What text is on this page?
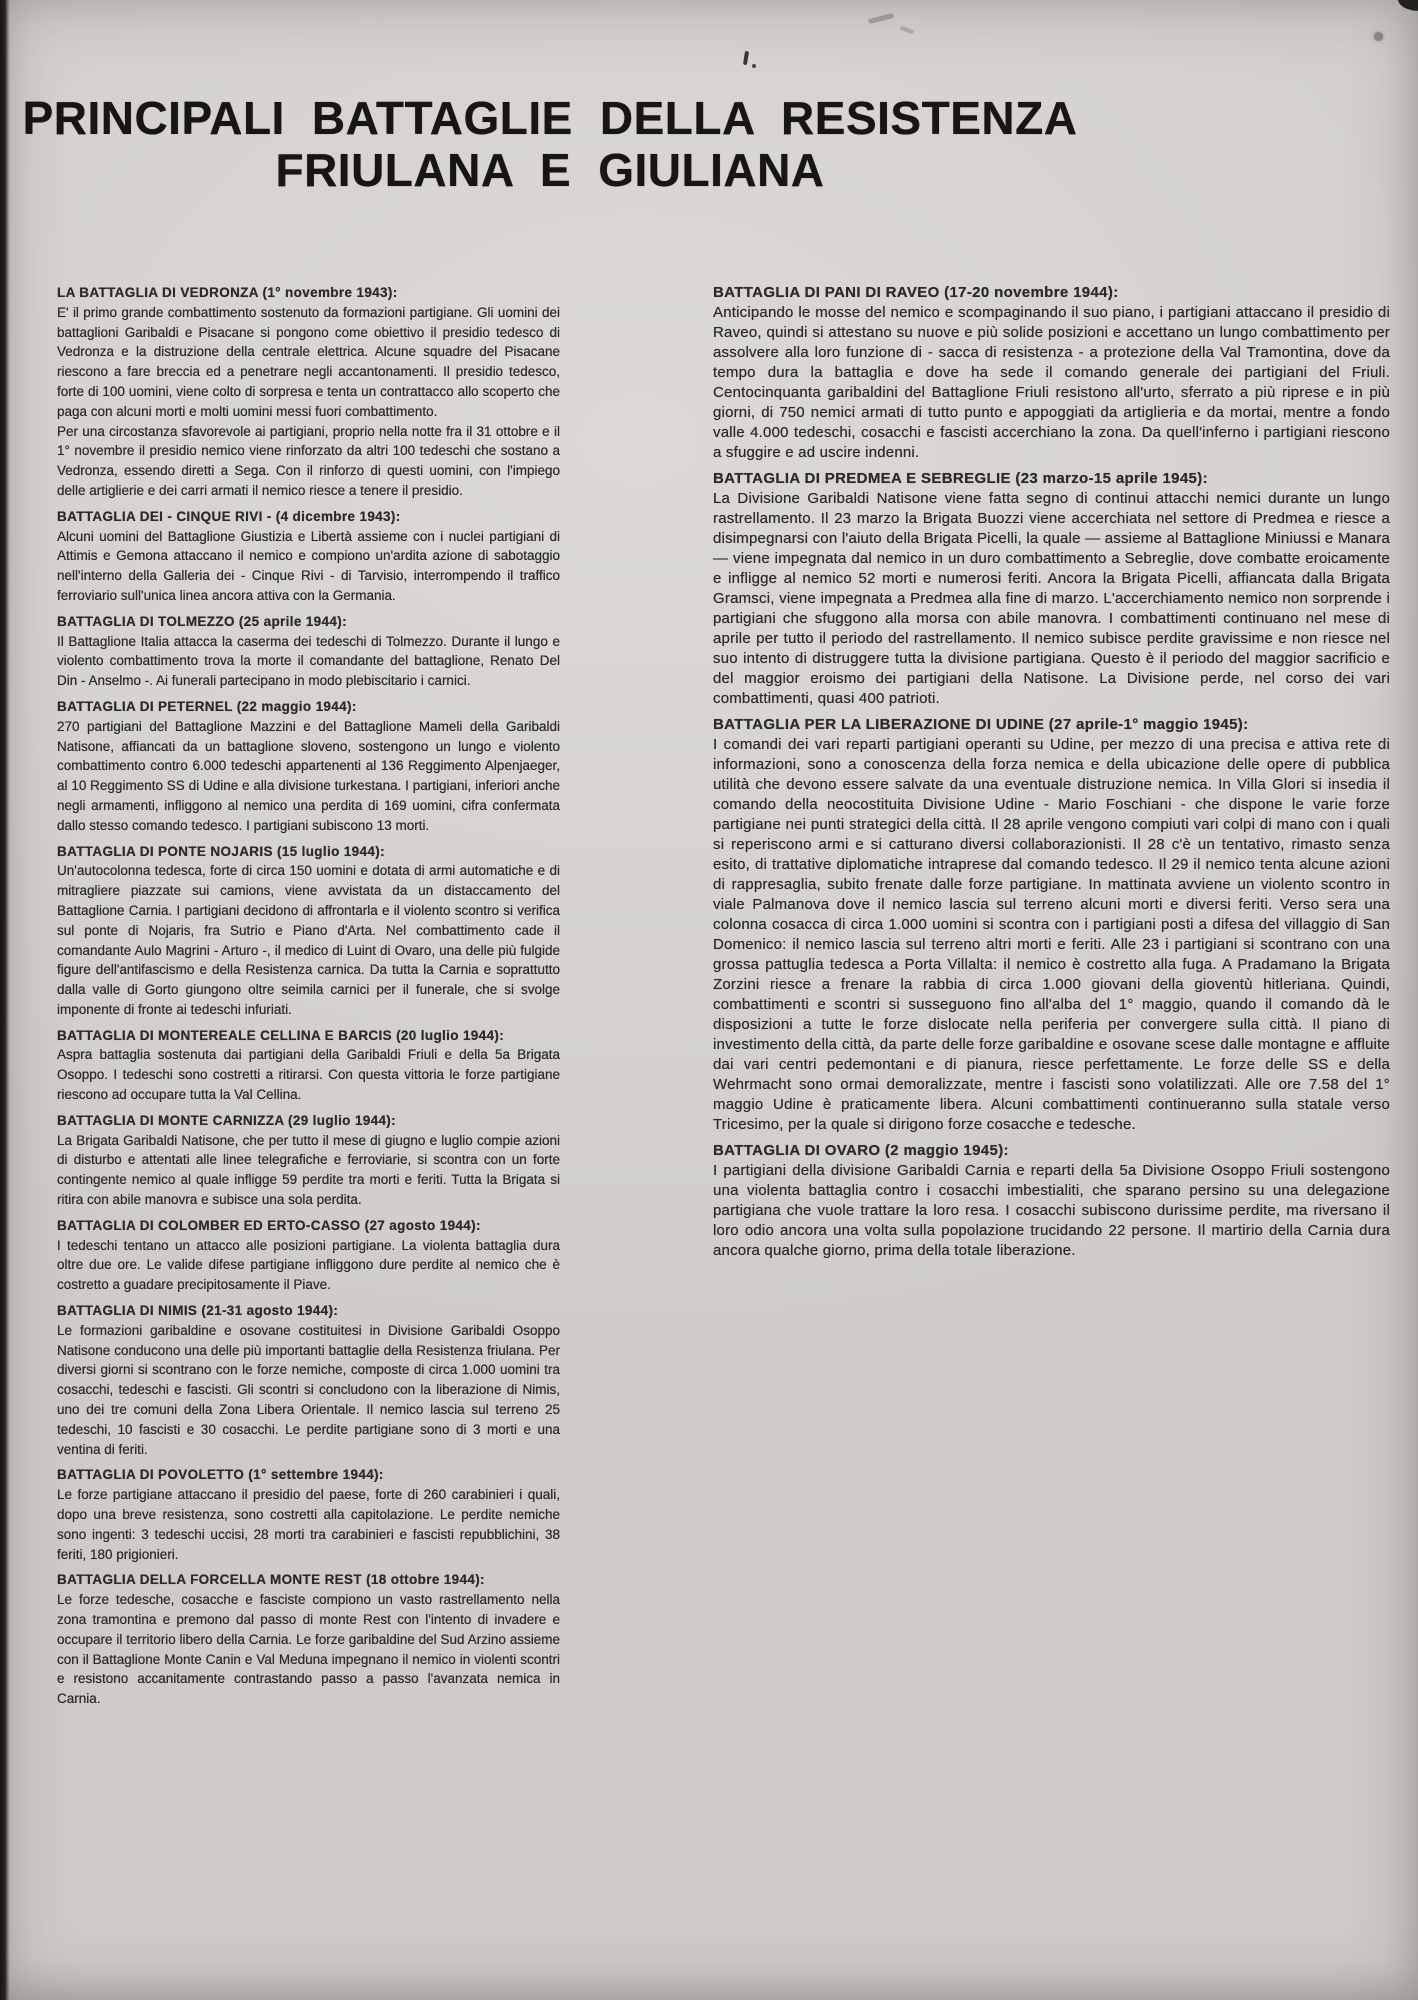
PRINCIPALI BATTAGLIE DELLA RESISTENZA
FRIULANA E GIULIANA
LA BATTAGLIA DI VEDRONZA (1° novembre 1943):

E' il primo grande combattimento sostenuto da formazioni partigiane. Gli uomini dei battaglioni Garibaldi e Pisacane si pongono come obiettivo il presidio tedesco di Vedronza e la distruzione della centrale elettrica. Alcune squadre del Pisacane riescono a fare breccia ed a penetrare negli accantonamenti. Il presidio tedesco, forte di 100 uomini, viene colto di sorpresa e tenta un contrattacco allo scoperto che paga con alcuni morti e molti uomini messi fuori combattimento.

Per una circostanza sfavorevole ai partigiani, proprio nella notte fra il 31 ottobre e il 1° novembre il presidio nemico viene rinforzato da altri 100 tedeschi che sostano a Vedronza, essendo diretti a Sega. Con il rinforzo di questi uomini, con l'impiego delle artiglierie e dei carri armati il nemico riesce a tenere il presidio.

BATTAGLIA DEI - CINQUE RIVI - (4 dicembre 1943):

Alcuni uomini del Battaglione Giustizia e Libertà assieme con i nuclei partigiani di Attimis e Gemona attaccano il nemico e compiono un'ardita azione di sabotaggio nell'interno della Galleria dei - Cinque Rivi - di Tarvisio, interrompendo il traffico ferroviario sull'unica linea ancora attiva con la Germania.

BATTAGLIA DI TOLMEZZO (25 aprile 1944):

Il Battaglione Italia attacca la caserma dei tedeschi di Tolmezzo. Durante il lungo e violento combattimento trova la morte il comandante del battaglione, Renato Del Din - Anselmo -. Ai funerali partecipano in modo plebiscitario i carnici.

BATTAGLIA DI PETERNEL (22 maggio 1944):

270 partigiani del Battaglione Mazzini e del Battaglione Mameli della Garibaldi Natisone, affiancati da un battaglione sloveno, sostengono un lungo e violento combattimento contro 6.000 tedeschi appartenenti al 136 Reggimento Alpenjaeger, al 10 Reggimento SS di Udine e alla divisione turkestana. I partigiani, inferiori anche negli armamenti, infliggono al nemico una perdita di 169 uomini, cifra confermata dallo stesso comando tedesco. I partigiani subiscono 13 morti.

BATTAGLIA DI PONTE NOJARIS (15 luglio 1944):

Un'autocolonna tedesca, forte di circa 150 uomini e dotata di armi automatiche e di mitragliere piazzate sui camions, viene avvistata da un distaccamento del Battaglione Carnia. I partigiani decidono di affrontarla e il violento scontro si verifica sul ponte di Nojaris, fra Sutrio e Piano d'Arta. Nel combattimento cade il comandante Aulo Magrini - Arturo -, il medico di Luint di Ovaro, una delle più fulgide figure dell'antifascismo e della Resistenza carnica. Da tutta la Carnia e soprattutto dalla valle di Gorto giungono oltre seimila carnici per il funerale, che si svolge imponente di fronte ai tedeschi infuriati.

BATTAGLIA DI MONTEREALE CELLINA E BARCIS (20 luglio 1944):

Aspra battaglia sostenuta dai partigiani della Garibaldi Friuli e della 5a Brigata Osoppo. I tedeschi sono costretti a ritirarsi. Con questa vittoria le forze partigiane riescono ad occupare tutta la Val Cellina.

BATTAGLIA DI MONTE CARNIZZA (29 luglio 1944):

La Brigata Garibaldi Natisone, che per tutto il mese di giugno e luglio compie azioni di disturbo e attentati alle linee telegrafiche e ferroviarie, si scontra con un forte contingente nemico al quale infligge 59 perdite tra morti e feriti. Tutta la Brigata si ritira con abile manovra e subisce una sola perdita.

BATTAGLIA DI COLOMBER ED ERTO-CASSO (27 agosto 1944):

I tedeschi tentano un attacco alle posizioni partigiane. La violenta battaglia dura oltre due ore. Le valide difese partigiane infliggono dure perdite al nemico che è costretto a guadare precipitosamente il Piave.

BATTAGLIA DI NIMIS (21-31 agosto 1944):

Le formazioni garibaldine e osovane costituitesi in Divisione Garibaldi Osoppo Natisone conducono una delle più importanti battaglie della Resistenza friulana. Per diversi giorni si scontrano con le forze nemiche, composte di circa 1.000 uomini tra cosacchi, tedeschi e fascisti. Gli scontri si concludono con la liberazione di Nimis, uno dei tre comuni della Zona Libera Orientale. Il nemico lascia sul terreno 25 tedeschi, 10 fascisti e 30 cosacchi. Le perdite partigiane sono di 3 morti e una ventina di feriti.

BATTAGLIA DI POVOLETTO (1° settembre 1944):

Le forze partigiane attaccano il presidio del paese, forte di 260 carabinieri i quali, dopo una breve resistenza, sono costretti alla capitolazione. Le perdite nemiche sono ingenti: 3 tedeschi uccisi, 28 morti tra carabinieri e fascisti repubblichini, 38 feriti, 180 prigionieri.

BATTAGLIA DELLA FORCELLA MONTE REST (18 ottobre 1944):

Le forze tedesche, cosacche e fasciste compiono un vasto rastrellamento nella zona tramontina e premono dal passo di monte Rest con l'intento di invadere e occupare il territorio libero della Carnia. Le forze garibaldine del Sud Arzino assieme con il Battaglione Monte Canin e Val Meduna impegnano il nemico in violenti scontri e resistono accanitamente contrastando passo a passo l'avanzata nemica in Carnia.

BATTAGLIA DI PANI DI RAVEO (17-20 novembre 1944):

Anticipando le mosse del nemico e scompaginando il suo piano, i partigiani attaccano il presidio di Raveo, quindi si attestano su nuove e più solide posizioni e accettano un lungo combattimento per assolvere alla loro funzione di - sacca di resistenza - a protezione della Val Tramontina, dove da tempo dura la battaglia e dove ha sede il comando generale dei partigiani del Friuli. Centocinquanta garibaldini del Battaglione Friuli resistono all'urto, sferrato a più riprese e in più giorni, di 750 nemici armati di tutto punto e appoggiati da artiglieria e da mortai, mentre a fondo valle 4.000 tedeschi, cosacchi e fascisti accerchiano la zona. Da quell'inferno i partigiani riescono a sfuggire e ad uscire indenni.

BATTAGLIA DI PREDMEA E SEBREGLIE (23 marzo-15 aprile 1945):

La Divisione Garibaldi Natisone viene fatta segno di continui attacchi nemici durante un lungo rastrellamento. Il 23 marzo la Brigata Buozzi viene accerchiata nel settore di Predmea e riesce a disimpegnarsi con l'aiuto della Brigata Picelli, la quale — assieme al Battaglione Miniussi e Manara — viene impegnata dal nemico in un duro combattimento a Sebreglie, dove combatte eroicamente e infligge al nemico 52 morti e numerosi feriti. Ancora la Brigata Picelli, affiancata dalla Brigata Gramsci, viene impegnata a Predmea alla fine di marzo. L'accerchiamento nemico non sorprende i partigiani che sfuggono alla morsa con abile manovra. I combattimenti continuano nel mese di aprile per tutto il periodo del rastrellamento. Il nemico subisce perdite gravissime e non riesce nel suo intento di distruggere tutta la divisione partigiana. Questo è il periodo del maggior sacrificio e del maggior eroismo dei partigiani della Natisone. La Divisione perde, nel corso dei vari combattimenti, quasi 400 patrioti.

BATTAGLIA PER LA LIBERAZIONE DI UDINE (27 aprile-1° maggio 1945):

I comandi dei vari reparti partigiani operanti su Udine, per mezzo di una precisa e attiva rete di informazioni, sono a conoscenza della forza nemica e della ubicazione delle opere di pubblica utilità che devono essere salvate da una eventuale distruzione nemica. In Villa Glori si insedia il comando della neocostituita Divisione Udine - Mario Foschiani - che dispone le varie forze partigiane nei punti strategici della città. Il 28 aprile vengono compiuti vari colpi di mano con i quali si reperiscono armi e si catturano diversi collaborazionisti. Il 28 c'è un tentativo, rimasto senza esito, di trattative diplomatiche intraprese dal comando tedesco. Il 29 il nemico tenta alcune azioni di rappresaglia, subito frenate dalle forze partigiane. In mattinata avviene un violento scontro in viale Palmanova dove il nemico lascia sul terreno alcuni morti e diversi feriti. Verso sera una colonna cosacca di circa 1.000 uomini si scontra con i partigiani posti a difesa del villaggio di San Domenico: il nemico lascia sul terreno altri morti e feriti. Alle 23 i partigiani si scontrano con una grossa pattuglia tedesca a Porta Villalta: il nemico è costretto alla fuga. A Pradamano la Brigata Zorzini riesce a frenare la rabbia di circa 1.000 giovani della gioventù hitleriana. Quindi, combattimenti e scontri si susseguono fino all'alba del 1° maggio, quando il comando dà le disposizioni a tutte le forze dislocate nella periferia per convergere sulla città. Il piano di investimento della città, da parte delle forze garibaldine e osovane scese dalle montagne e affluite dai vari centri pedemontani e di pianura, riesce perfettamente. Le forze delle SS e della Wehrmacht sono ormai demoralizzate, mentre i fascisti sono volatilizzati. Alle ore 7.58 del 1° maggio Udine è praticamente libera. Alcuni combattimenti continueranno sulla statale verso Tricesimo, per la quale si dirigono forze cosacche e tedesche.

BATTAGLIA DI OVARO (2 maggio 1945):

I partigiani della divisione Garibaldi Carnia e reparti della 5a Divisione Osoppo Friuli sostengono una violenta battaglia contro i cosacchi imbestialiti, che sparano persino su una delegazione partigiana che vuole trattare la loro resa. I cosacchi subiscono durissime perdite, ma riversano il loro odio ancora una volta sulla popolazione trucidando 22 persone. Il martirio della Carnia dura ancora qualche giorno, prima della totale liberazione.
